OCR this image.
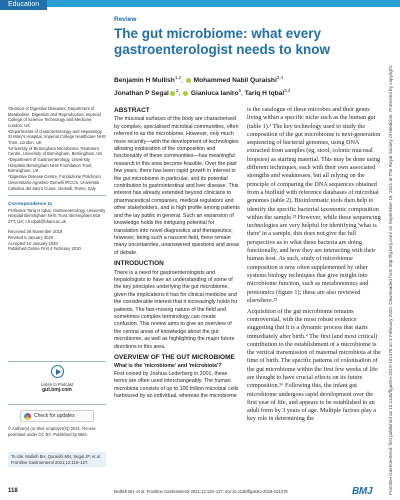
Education
Frontline Gastroenterol: first published as 10.1136/flgastro-2019-101376 on 4 February 2020. Downloaded from http://fg.bmj.com/ on September 15, 2021 at The Royal Society of Medicine. Protected by copyright.
Review
The gut microbiome: what every gastroenterologist needs to know
Benjamin H Mullish$^{1,2}$,  Mohammed Nabil Quraishi$^{3,4}$
Jonathan P Segal $^2$,  Gianluca Ianiro$^5$, Tariq H Iqbal$^{3,4}$

¹Division of Digestive Diseases, Department of Metabolism, Digestion and Reproduction, Imperial College of Science Technology and Medicine, London, UK

²Departments of Gastroenterology and Hepatology, St Mary's Hospital, Imperial College Healthcare NHS Trust, London, UK

³University of Birmingham Microbiome Treatment Centre, University of Birmingham, Birmingham, UK

⁴Department of Gastroenterology, University Hospitals Birmingham NHS Foundation Trust, Birmingham, UK

⁵Digestive Disease Centre, Fondazione Policlinico Universitario Agostino Gemelli IRCCS, Università Cattolica del Sacro Cuore, Gemelli, Rome, Italy

Correspondence to
Professor Tariq H Iqbal, Gastroenterology, University Hospital Birmingham NHS Trust, Birmingham B15 2TT, UK; t.h.iqbal@bham.ac.uk
Received 26 November 2019
Revised 6 January 2020
Accepted 10 January 2020
Published Online First 4 February 2020
Listen to Podcast
gut.bmj.com
Check for updates
© Author(s) (or their employer(s)) 2021. Re-use permitted under CC BY. Published by BMJ.
To cite: Mullish BH, Quraishi MN, Segal JP, et al. Frontline Gastroenterol 2021;12:118–127.
ABSTRACT

The mucosal surfaces of the body are characterised by complex, specialised microbial communities, often referred to as the microbiome. However, only much more recently—with the development of technologies allowing exploration of the composition and functionality of these communities—has meaningful research in this area become feasible. Over the past few years, there has been rapid growth in interest in the gut microbiome in particular, and its potential contribution to gastrointestinal and liver disease. This interest has already extended beyond clinicians to pharmaceutical companies, medical regulators and other stakeholders, and is high profile among patients and the lay public in general. Such an expansion of knowledge holds the intriguing potential for translation into novel diagnostics and therapeutics; however, being such a nascent field, there remain many uncertainties, unanswered questions and areas of debate.

INTRODUCTION

There is a need for gastroenterologists and hepatologists to have an understanding of some of the key principles underlying the gut microbiome, given the implications it has for clinical medicine and the considerable interest that it increasingly holds for patients. The fast-moving nature of the field and sometimes complex terminology can create confusion. This review aims to give an overview of the central areas of knowledge about the gut microbiome, as well as highlighting the major future directions in this area.

OVERVIEW OF THE GUT MICROBIOME
What is the 'microbiome' and 'microbiota'?

First coined by Joshua Lederberg in 2001, these terms are often used interchangeably. The human microbiota consists of up to 100 trillion microbial cells harboured by an individual, whereas the microbiome

is the catalogue of these microbes and their genes living within a specific niche such as the human gut (table 1).¹ The key technology used to study the composition of the gut microbiome is next-generation sequencing of bacterial genomes, using DNA extracted from samples (eg, stool, colonic mucosal biopsies) as starting material. This may be done using different techniques, each with their own associated strengths and weaknesses, but all relying on the principle of comparing the DNA sequences obtained from a biofluid with reference databases of microbial genomes (table 2). Bioinformatic tools then help to identify the specific bacterial taxonomic composition within the sample.²³ However, while these sequencing technologies are very helpful for identifying 'what is there' in a sample, this does not give the full perspective as to what these bacteria are doing functionally, and how they are interacting with their human host. As such, study of microbiome composition is now often supplemented by other systems biology techniques that give insight into microbiome function, such as metabonomics and proteomics (figure 1); these are also reviewed elsewhere.²³

Acquisition of the gut microbiome remains controversial, with the most robust evidence suggesting that it is a dynamic process that starts immediately after birth.⁴ The first (and most critical) contribution to the establishment of a microbiome is the vertical transmission of maternal microbiota at the time of birth. The specific patterns of colonisation of the gut microbiome within the first few weeks of life are thought to have crucial effects on its future composition.⁵⁶ Following this, the infant gut microbiome undergoes rapid development over the first year of life, and appears to be established in an adult form by 3 years of age. Multiple factors play a key role in determining the

118	Mullish BH, et al. Frontline Gastroenterol 2021;12:118–127. doi:10.1136/flgastro-2019-101376	BMJ
